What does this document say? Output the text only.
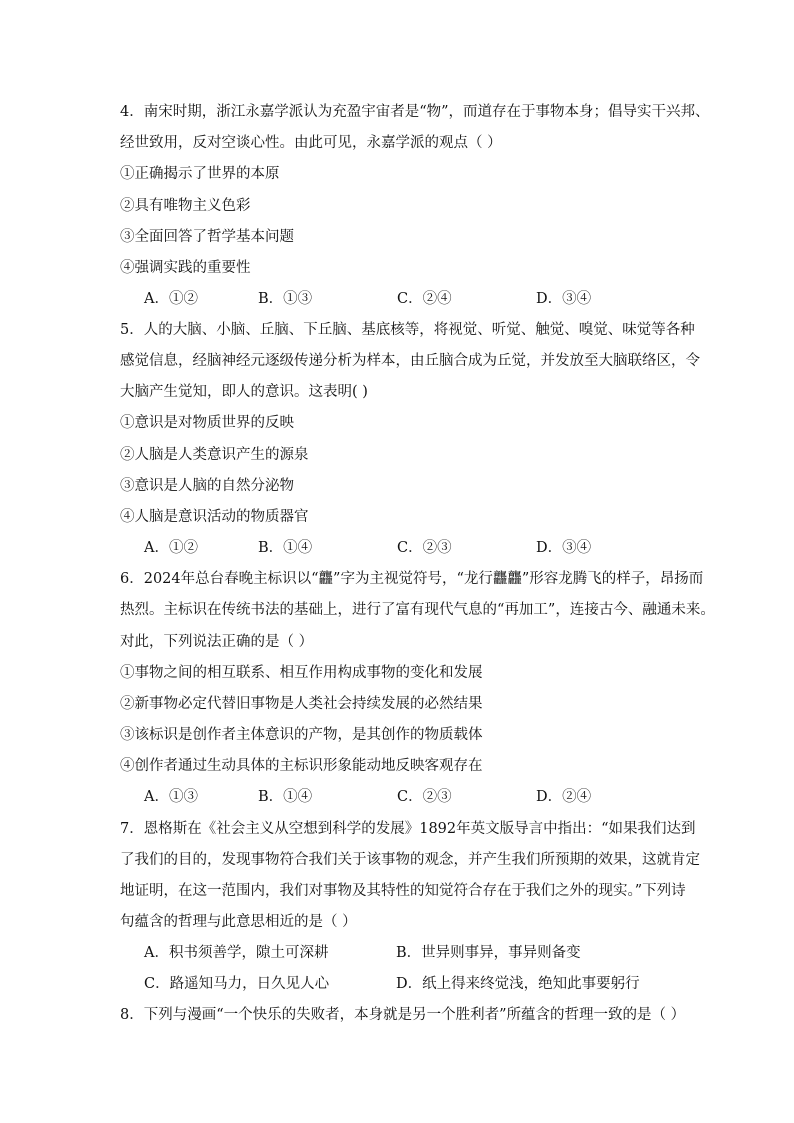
4．南宋时期，浙江永嘉学派认为充盈宇宙者是“物”，而道存在于事物本身；倡导实干兴邦、
经世致用，反对空谈心性。由此可见，永嘉学派的观点（ ）
①正确揭示了世界的本原
②具有唯物主义色彩
③全面回答了哲学基本问题
④强调实践的重要性
A．①②	B．①③	C．②④	D．③④
5．人的大脑、小脑、丘脑、下丘脑、基底核等，将视觉、听觉、触觉、嗅觉、味觉等各种
感觉信息，经脑神经元逐级传递分析为样本，由丘脑合成为丘觉，并发放至大脑联络区，令
大脑产生觉知，即人的意识。这表明( )
①意识是对物质世界的反映
②人脑是人类意识产生的源泉
③意识是人脑的自然分泌物
④人脑是意识活动的物质器官
A．①②	B．①④	C．②③	D．③④
6．2024年总台春晚主标识以“龘”字为主视觉符号，“龙行龘龘”形容龙腾飞的样子，昂扬而
热烈。主标识在传统书法的基础上，进行了富有现代气息的“再加工”，连接古今、融通未来。
对此，下列说法正确的是（ ）
①事物之间的相互联系、相互作用构成事物的变化和发展
②新事物必定代替旧事物是人类社会持续发展的必然结果
③该标识是创作者主体意识的产物，是其创作的物质载体
④创作者通过生动具体的主标识形象能动地反映客观存在
A．①③	B．①④	C．②③	D．②④
7．恩格斯在《社会主义从空想到科学的发展》1892年英文版导言中指出：“如果我们达到
了我们的目的，发现事物符合我们关于该事物的观念，并产生我们所预期的效果，这就肯定
地证明，在这一范围内，我们对事物及其特性的知觉符合存在于我们之外的现实。”下列诗
句蕴含的哲理与此意思相近的是（ ）
A．积书须善学，隙土可深耕	B．世异则事异，事异则备变
C．路遥知马力，日久见人心	D．纸上得来终觉浅，绝知此事要躬行
8．下列与漫画“一个快乐的失败者，本身就是另一个胜利者”所蕴含的哲理一致的是（ ）
